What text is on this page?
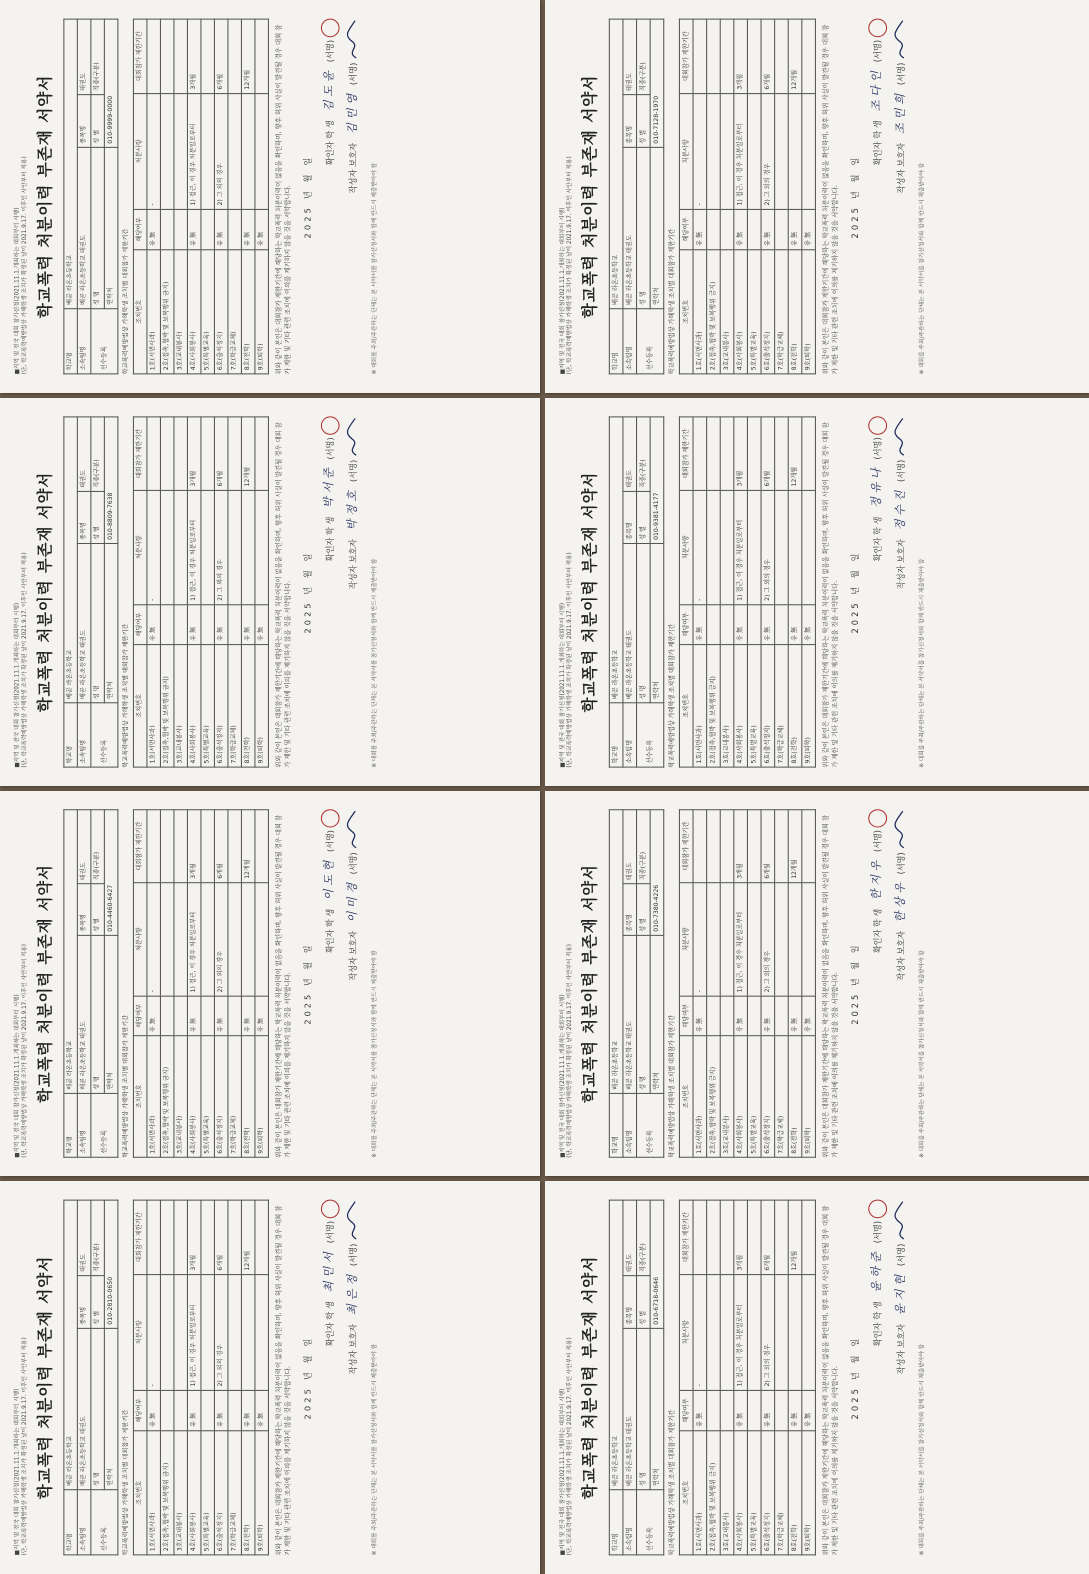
■지역 및 전국 대회 참가신청(2021.11.1.개최하는 대회부터 시행) (단, 학교폭력예방법상 가해학생 조치가 확정된 날이 2021.9.17. 이후인 사안부터 적용) 학교폭력 처분이력 부존재 서약서
학교명	배곧 라온초등학교		
소속팀명	배곧 라온초등학교 태권도	종목명	태권도
선수등록	성 명	성 별	직종(구분)
	연락처	010-9999-0000	
학교폭력예방법상 가해학생 조치별 대회참가 제한기간 조치번호	해당여부	처분사항	대회참가 제한기간
1호(서면사과)	유 無	-	
2호(접촉,협박 및 보복행위 금지)			
3호(교내봉사)			
4호(사회봉사)	유 無	1) 접근, 이 경우 처분일로부터	3개월
5호(특별교육)			
6호(출석정지)	유 無	2) 그 외의 경우	6개월
7호(학급교체)			
8호(전학)	유 無		12개월
9호(퇴학)	유 無		위와 같이 본인은 대회참가 제한기간에 해당하는 학교폭력 처분이력이 없음을 확인하며, 향후 허위 사실이 발견될 경우 대회 참가 제한 및 기타 관련 조치에 이의를 제기하지 않을 것을 서약합니다. 2025 년 월 일
확인자 학 생 김 도 윤 (서명)
작성자 보호자 김 민 영 (서명)
※ 대회를 주최/주관하는 단체는 본 서약서를 참가신청서와 함께 반드시 제출받아야 함	■지역 및 전국 대회 참가신청(2021.11.1.개최하는 대회부터 시행) (단, 학교폭력예방법상 가해학생 조치가 확정된 날이 2021.9.17. 이후인 사안부터 적용) 학교폭력 처분이력 부존재 서약서
학교명	배곧 라온초등학교		
소속팀명	배곧 라온초등학교 태권도	종목명	태권도
선수등록	성 명	성 별	직종(구분)
	연락처	010-7128-1970	
학교폭력예방법상 가해학생 조치별 대회참가 제한기간 조치번호	해당여부	처분사항	대회참가 제한기간
1호(서면사과)	유 無	-	
2호(접촉,협박 및 보복행위 금지)			
3호(교내봉사)			
4호(사회봉사)	유 無	1) 접근, 이 경우 처분일로부터	3개월
5호(특별교육)			
6호(출석정지)	유 無	2) 그 외의 경우	6개월
7호(학급교체)			
8호(전학)	유 無		12개월
9호(퇴학)	유 無		위와 같이 본인은 대회참가 제한기간에 해당하는 학교폭력 처분이력이 없음을 확인하며, 향후 허위 사실이 발견될 경우 대회 참가 제한 및 기타 관련 조치에 이의를 제기하지 않을 것을 서약합니다. 2025 년 월 일
확인자 학 생 조 다 인 (서명)
작성자 보호자 조 민 희 (서명)
※ 대회를 주최/주관하는 단체는 본 서약서를 참가신청서와 함께 반드시 제출받아야 함
■지역 및 전국 대회 참가신청(2021.11.1.개최하는 대회부터 시행) (단, 학교폭력예방법상 가해학생 조치가 확정된 날이 2021.9.17. 이후인 사안부터 적용) 학교폭력 처분이력 부존재 서약서
학교명	배곧 라온초등학교		
소속팀명	배곧 라온초등학교 태권도	종목명	태권도
선수등록	성 명	성 별	직종(구분)
	연락처	010-8809-7638	
학교폭력예방법상 가해학생 조치별 대회참가 제한기간 조치번호	해당여부	처분사항	대회참가 제한기간
1호(서면사과)	유 無	-	
2호(접촉,협박 및 보복행위 금지)			
3호(교내봉사)			
4호(사회봉사)	유 無	1) 접근, 이 경우 처분일로부터	3개월
5호(특별교육)			
6호(출석정지)	유 無	2) 그 외의 경우	6개월
7호(학급교체)			
8호(전학)	유 無		12개월
9호(퇴학)	유 無		위와 같이 본인은 대회참가 제한기간에 해당하는 학교폭력 처분이력이 없음을 확인하며, 향후 허위 사실이 발견될 경우 대회 참가 제한 및 기타 관련 조치에 이의를 제기하지 않을 것을 서약합니다. 2025 년 월 일
확인자 학 생 박 서 준 (서명)
작성자 보호자 박 정 호 (서명)
※ 대회를 주최/주관하는 단체는 본 서약서를 참가신청서와 함께 반드시 제출받아야 함	■지역 및 전국 대회 참가신청(2021.11.1.개최하는 대회부터 시행) (단, 학교폭력예방법상 가해학생 조치가 확정된 날이 2021.9.17. 이후인 사안부터 적용) 학교폭력 처분이력 부존재 서약서
학교명	배곧 라온초등학교		
소속팀명	배곧 라온초등학교 태권도	종목명	태권도
선수등록	성 명	성 별	직종(구분)
	연락처	010-9381-4177	
학교폭력예방법상 가해학생 조치별 대회참가 제한기간 조치번호	해당여부	처분사항	대회참가 제한기간
1호(서면사과)	유 無	-	
2호(접촉,협박 및 보복행위 금지)			
3호(교내봉사)			
4호(사회봉사)	유 無	1) 접근, 이 경우 처분일로부터	3개월
5호(특별교육)			
6호(출석정지)	유 無	2) 그 외의 경우	6개월
7호(학급교체)			
8호(전학)	유 無		12개월
9호(퇴학)	유 無		위와 같이 본인은 대회참가 제한기간에 해당하는 학교폭력 처분이력이 없음을 확인하며, 향후 허위 사실이 발견될 경우 대회 참가 제한 및 기타 관련 조치에 이의를 제기하지 않을 것을 서약합니다. 2025 년 월 일
확인자 학 생 정 유 나 (서명)
작성자 보호자 정 수 진 (서명)
※ 대회를 주최/주관하는 단체는 본 서약서를 참가신청서와 함께 반드시 제출받아야 함
■지역 및 전국 대회 참가신청(2021.11.1.개최하는 대회부터 시행) (단, 학교폭력예방법상 가해학생 조치가 확정된 날이 2021.9.17. 이후인 사안부터 적용) 학교폭력 처분이력 부존재 서약서
학교명	배곧 라온초등학교		
소속팀명	배곧 라온초등학교 태권도	종목명	태권도
선수등록	성 명	성 별	직종(구분)
	연락처	010-4460-6427	
학교폭력예방법상 가해학생 조치별 대회참가 제한기간 조치번호	해당여부	처분사항	대회참가 제한기간
1호(서면사과)	유 無	-	
2호(접촉,협박 및 보복행위 금지)			
3호(교내봉사)			
4호(사회봉사)	유 無	1) 접근, 이 경우 처분일로부터	3개월
5호(특별교육)			
6호(출석정지)	유 無	2) 그 외의 경우	6개월
7호(학급교체)			
8호(전학)	유 無		12개월
9호(퇴학)	유 無		위와 같이 본인은 대회참가 제한기간에 해당하는 학교폭력 처분이력이 없음을 확인하며, 향후 허위 사실이 발견될 경우 대회 참가 제한 및 기타 관련 조치에 이의를 제기하지 않을 것을 서약합니다. 2025 년 월 일
확인자 학 생 이 도 현 (서명)
작성자 보호자 이 미 경 (서명)
※ 대회를 주최/주관하는 단체는 본 서약서를 참가신청서와 함께 반드시 제출받아야 함	■지역 및 전국 대회 참가신청(2021.11.1.개최하는 대회부터 시행) (단, 학교폭력예방법상 가해학생 조치가 확정된 날이 2021.9.17. 이후인 사안부터 적용) 학교폭력 처분이력 부존재 서약서
학교명	배곧 라온초등학교		
소속팀명	배곧 라온초등학교 태권도	종목명	태권도
선수등록	성 명	성 별	직종(구분)
	연락처	010-7380-4226	
학교폭력예방법상 가해학생 조치별 대회참가 제한기간 조치번호	해당여부	처분사항	대회참가 제한기간
1호(서면사과)	유 無	-	
2호(접촉,협박 및 보복행위 금지)			
3호(교내봉사)			
4호(사회봉사)	유 無	1) 접근, 이 경우 처분일로부터	3개월
5호(특별교육)			
6호(출석정지)	유 無	2) 그 외의 경우	6개월
7호(학급교체)			
8호(전학)	유 無		12개월
9호(퇴학)	유 無		위와 같이 본인은 대회참가 제한기간에 해당하는 학교폭력 처분이력이 없음을 확인하며, 향후 허위 사실이 발견될 경우 대회 참가 제한 및 기타 관련 조치에 이의를 제기하지 않을 것을 서약합니다. 2025 년 월 일
확인자 학 생 한 지 우 (서명)
작성자 보호자 한 상 우 (서명)
※ 대회를 주최/주관하는 단체는 본 서약서를 참가신청서와 함께 반드시 제출받아야 함
■지역 및 전국 대회 참가신청(2021.11.1.개최하는 대회부터 시행) (단, 학교폭력예방법상 가해학생 조치가 확정된 날이 2021.9.17. 이후인 사안부터 적용) 학교폭력 처분이력 부존재 서약서
학교명	배곧 라온초등학교		
소속팀명	배곧 라온초등학교 태권도	종목명	태권도
선수등록	성 명	성 별	직종(구분)
	연락처	010-2810-0650	
학교폭력예방법상 가해학생 조치별 대회참가 제한기간 조치번호	해당여부	처분사항	대회참가 제한기간
1호(서면사과)	유 無	-	
2호(접촉,협박 및 보복행위 금지)			
3호(교내봉사)			
4호(사회봉사)	유 無	1) 접근, 이 경우 처분일로부터	3개월
5호(특별교육)			
6호(출석정지)	유 無	2) 그 외의 경우	6개월
7호(학급교체)			
8호(전학)	유 無		12개월
9호(퇴학)	유 無		위와 같이 본인은 대회참가 제한기간에 해당하는 학교폭력 처분이력이 없음을 확인하며, 향후 허위 사실이 발견될 경우 대회 참가 제한 및 기타 관련 조치에 이의를 제기하지 않을 것을 서약합니다. 2025 년 월 일
확인자 학 생 최 민 서 (서명)
작성자 보호자 최 은 정 (서명)
※ 대회를 주최/주관하는 단체는 본 서약서를 참가신청서와 함께 반드시 제출받아야 함	■지역 및 전국 대회 참가신청(2021.11.1.개최하는 대회부터 시행) (단, 학교폭력예방법상 가해학생 조치가 확정된 날이 2021.9.17. 이후인 사안부터 적용) 학교폭력 처분이력 부존재 서약서
학교명	배곧 라온초등학교		
소속팀명	배곧 라온초등학교 태권도	종목명	태권도
선수등록	성 명	성 별	직종(구분)
	연락처	010-6718-0646	
학교폭력예방법상 가해학생 조치별 대회참가 제한기간 조치번호	해당여부	처분사항	대회참가 제한기간
1호(서면사과)	유 無	-	
2호(접촉,협박 및 보복행위 금지)			
3호(교내봉사)			
4호(사회봉사)	유 無	1) 접근, 이 경우 처분일로부터	3개월
5호(특별교육)			
6호(출석정지)	유 無	2) 그 외의 경우	6개월
7호(학급교체)			
8호(전학)	유 無		12개월
9호(퇴학)	유 無		위와 같이 본인은 대회참가 제한기간에 해당하는 학교폭력 처분이력이 없음을 확인하며, 향후 허위 사실이 발견될 경우 대회 참가 제한 및 기타 관련 조치에 이의를 제기하지 않을 것을 서약합니다. 2025 년 월 일
확인자 학 생 윤 하 준 (서명)
작성자 보호자 윤 지 현 (서명)
※ 대회를 주최/주관하는 단체는 본 서약서를 참가신청서와 함께 반드시 제출받아야 함
